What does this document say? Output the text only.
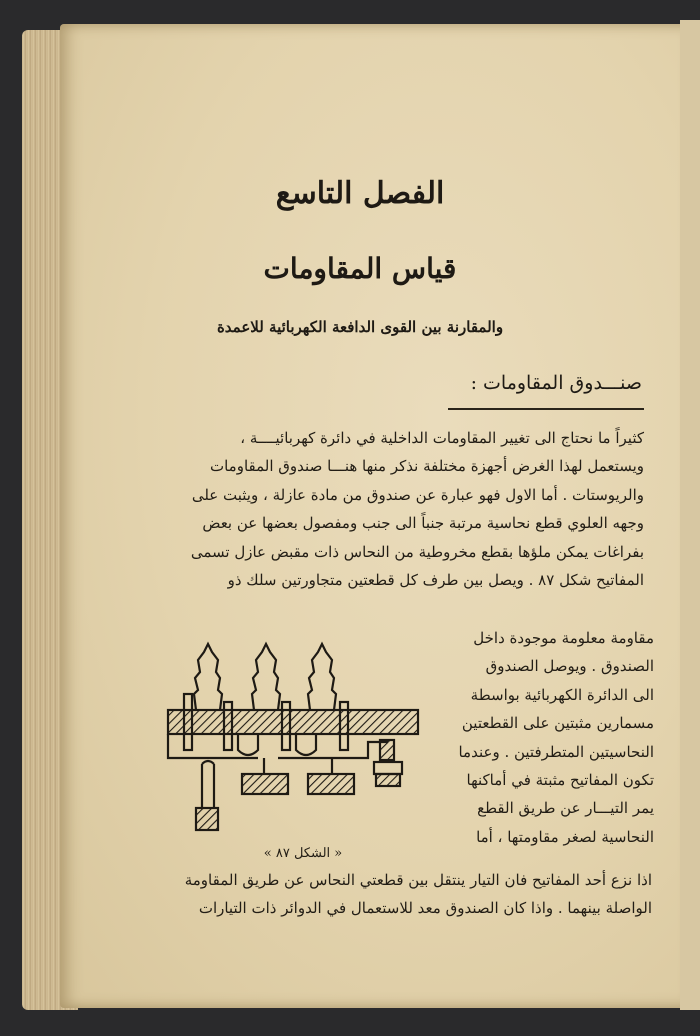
الفصل التاسع
قياس المقاومات
والمقارنة بين القوى الدافعة الكهربائية للاعمدة
صنـــدوق المقاومات :

كثيراً ما نحتاج الى تغيير المقاومات الداخلية في دائرة كهربائيــــة ،

ويستعمل لهذا الغرض أجهزة مختلفة نذكر منها هنـــا صندوق المقاومات

والريوستات . أما الاول فهو عبارة عن صندوق من مادة عازلة ، ويثبت على

وجهه العلوي قطع نحاسية مرتبة جنباً الى جنب ومفصول بعضها عن بعض

بفراغات يمكن ملؤها بقطع مخروطية من النحاس ذات مقبض عازل تسمى

المفاتيح شكل ٨٧ . ويصل بين طرف كل قطعتين متجاورتين سلك ذو

مقاومة معلومة موجودة داخل

الصندوق . ويوصل الصندوق

الى الدائرة الكهربائية بواسطة

مسمارين مثبتين على القطعتين

النحاسيتين المتطرفتين . وعندما

تكون المفاتيح مثبتة في أماكنها

يمر التيـــار عن طريق القطع

النحاسية لصغر مقاومتها ، أما

« الشكل ٨٧ »

اذا نزع أحد المفاتيح فان التيار ينتقل بين قطعتي النحاس عن طريق المقاومة

الواصلة بينهما . واذا كان الصندوق معد للاستعمال في الدوائر ذات التيارات
